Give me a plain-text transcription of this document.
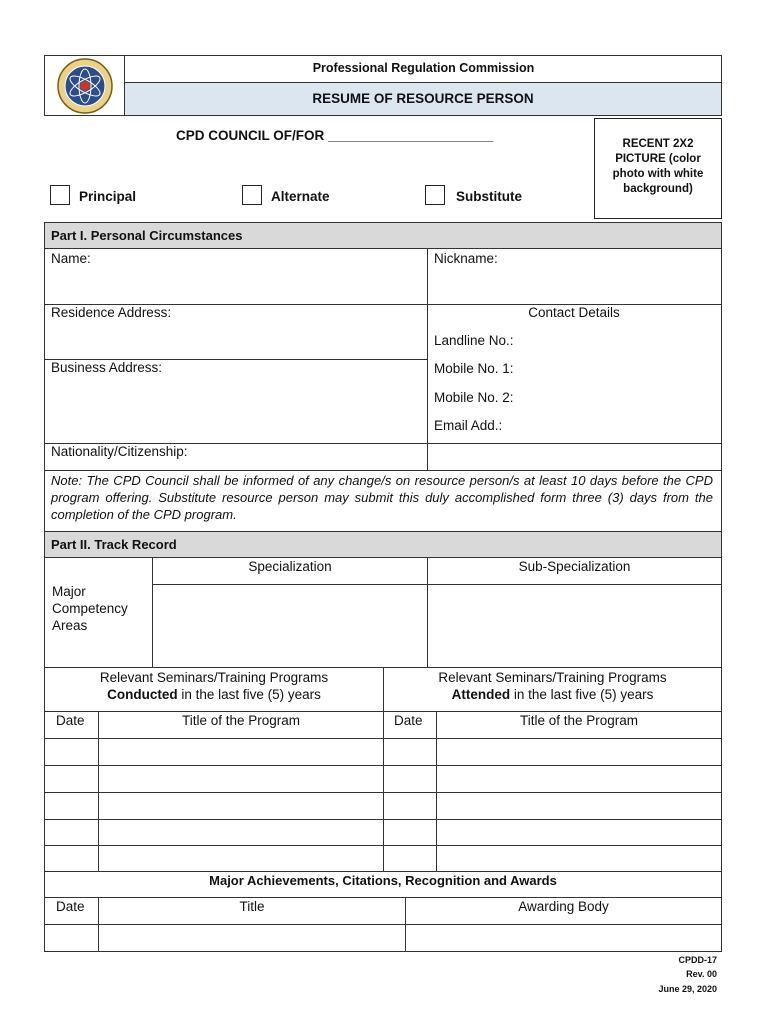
Professional Regulation Commission
RESUME OF RESOURCE PERSON
CPD COUNCIL OF/FOR ______________________
RECENT 2X2
PICTURE (color
photo with white
background)
Principal	Alternate	Substitute
Part I. Personal Circumstances
Name:	Nickname:
Residence Address:	Contact Details
Landline No.:
Mobile No. 1:
Mobile No. 2:
Email Add.:
Business Address:
Nationality/Citizenship:
Note: The CPD Council shall be informed of any change/s on resource person/s at least 10 days before the CPD program offering. Substitute resource person may submit this duly accomplished form three (3) days from the completion of the CPD program.
Part II. Track Record
Major
Competency
Areas
Specialization	Sub-Specialization
Relevant Seminars/Training Programs
Conducted in the last five (5) years
Relevant Seminars/Training Programs
Attended in the last five (5) years
Date	Title of the Program	Date	Title of the Program
Major Achievements, Citations, Recognition and Awards
Date	Title	Awarding Body
CPDD-17
Rev. 00
June 29, 2020
